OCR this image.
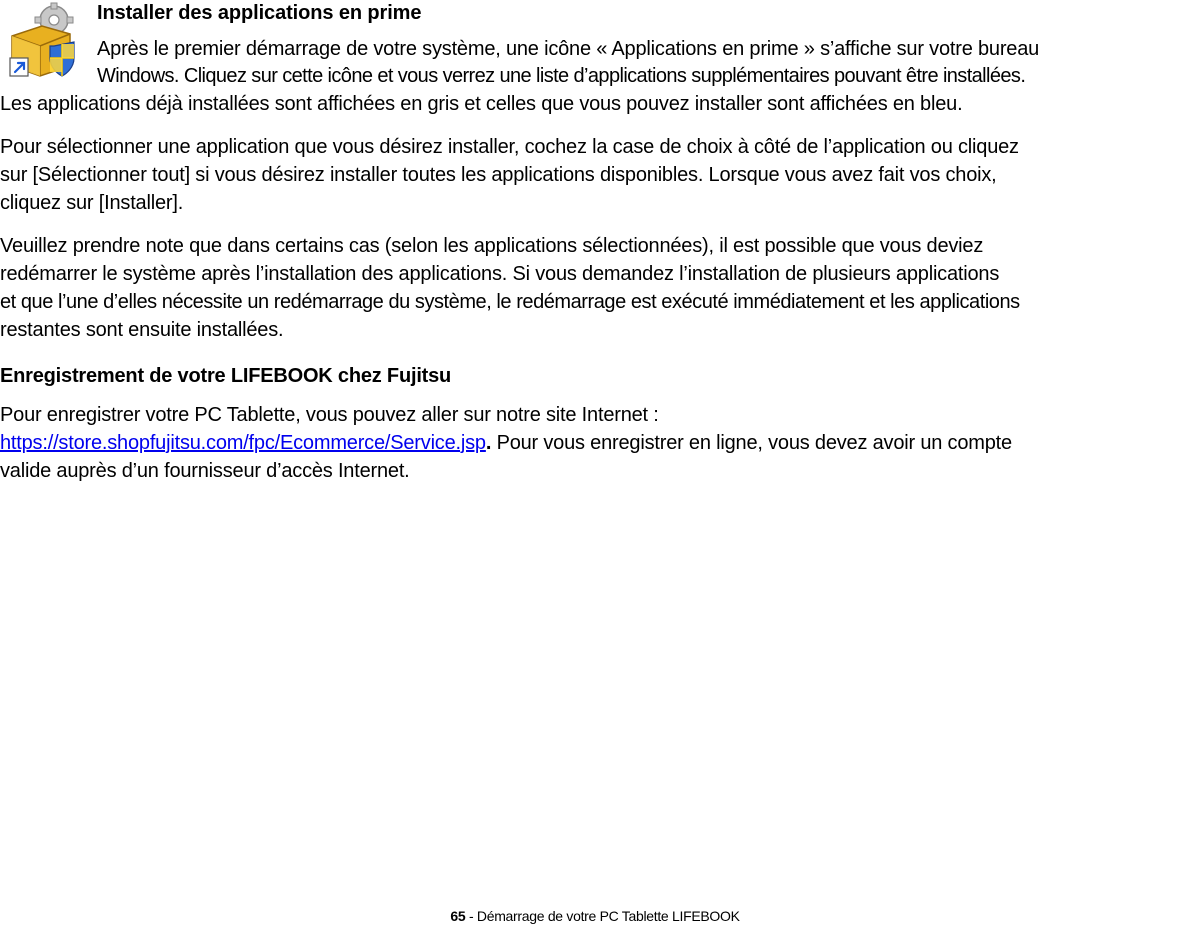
Installer des applications en prime
Après le premier démarrage de votre système, une icône « Applications en prime » s’affiche sur votre bureau
Windows. Cliquez sur cette icône et vous verrez une liste d’applications supplémentaires pouvant être installées.
Les applications déjà installées sont affichées en gris et celles que vous pouvez installer sont affichées en bleu.
Pour sélectionner une application que vous désirez installer, cochez la case de choix à côté de l’application ou cliquez
sur [Sélectionner tout] si vous désirez installer toutes les applications disponibles. Lorsque vous avez fait vos choix,
cliquez sur [Installer].
Veuillez prendre note que dans certains cas (selon les applications sélectionnées), il est possible que vous deviez
redémarrer le système après l’installation des applications. Si vous demandez l’installation de plusieurs applications
et que l’une d’elles nécessite un redémarrage du système, le redémarrage est exécuté immédiatement et les applications
restantes sont ensuite installées.
Enregistrement de votre LIFEBOOK chez Fujitsu
Pour enregistrer votre PC Tablette, vous pouvez aller sur notre site Internet :
https://store.shopfujitsu.com/fpc/Ecommerce/Service.jsp. Pour vous enregistrer en ligne, vous devez avoir un compte
valide auprès d’un fournisseur d’accès Internet.
65 - Démarrage de votre PC Tablette LIFEBOOK
